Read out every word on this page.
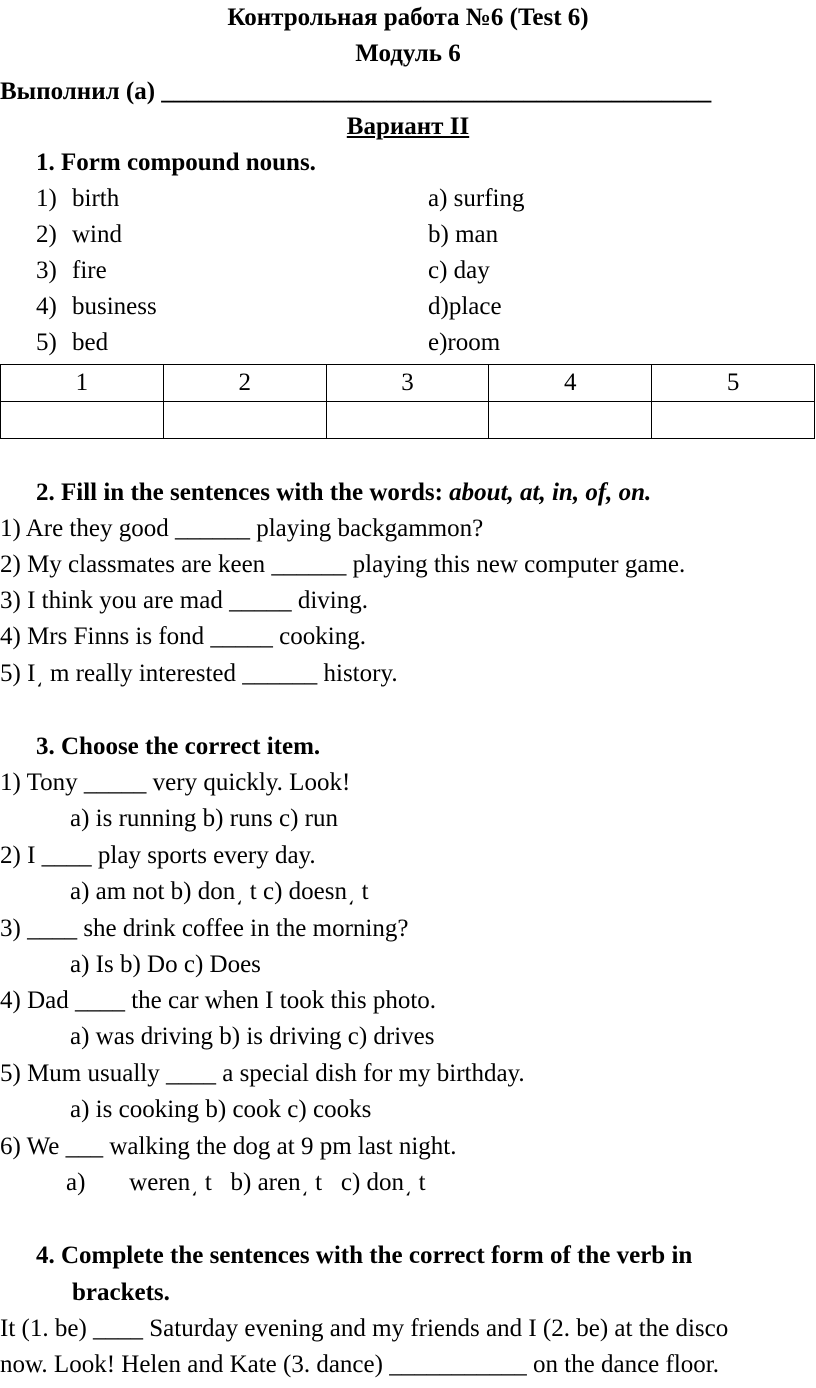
Контрольная работа №6 (Test 6)
Модуль 6
Выполнил (а) ____________________________________________
Вариант II
1. Form compound nouns.
1) birth	a) surfing
2) wind	b) man
3) fire	c) day
4) business	d)place
5) bed	e)room
1	2	3	4	5

2. Fill in the sentences with the words: about, at, in, of, on.
1) Are they good ______ playing backgammon?
2) My classmates are keen ______ playing this new computer game.
3) I think you are mad _____ diving.
4) Mrs Finns is fond _____ cooking.
5) I͵ m really interested ______ history.
3. Choose the correct item.
1) Tony _____ very quickly. Look!
a) is running b) runs c) run
2) I ____ play sports every day.
a) am not b) don͵ t c) doesn͵ t
3) ____ she drink coffee in the morning?
a) Is b) Do c) Does
4) Dad ____ the car when I took this photo.
a) was driving b) is driving c) drives
5) Mum usually ____ a special dish for my birthday.
a) is cooking b) cook c) cooks
6) We ___ walking the dog at 9 pm last night.
a)       weren͵ t   b) aren͵ t   c) don͵ t
4. Complete the sentences with the correct form of the verb in
brackets.
It (1. be) ____ Saturday evening and my friends and I (2. be) at the disco
now. Look! Helen and Kate (3. dance) ___________ on the dance floor.
